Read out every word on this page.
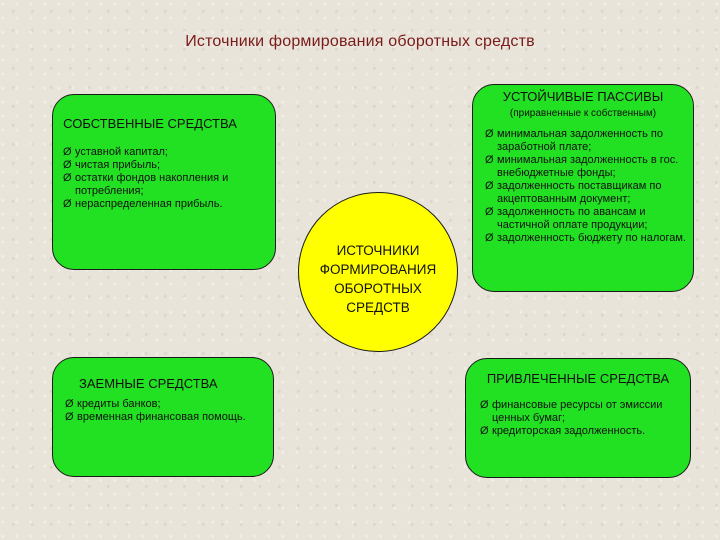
Источники формирования оборотных средств
СОБСТВЕННЫЕ СРЕДСТВА
Ø уставной капитал;
Ø чистая прибыль;
Ø остатки фондов накопления и потребления;
Ø нераспределенная прибыль.
УСТОЙЧИВЫЕ ПАССИВЫ
(приравненные к собственным)
Ø минимальная задолженность по заработной плате;
Ø минимальная задолженность в гос. внебюджетные фонды;
Ø задолженность поставщикам по акцептованным документ;
Ø задолженность по авансам и частичной оплате продукции;
Ø задолженность бюджету по налогам.
ИСТОЧНИКИ ФОРМИРОВАНИЯ ОБОРОТНЫХ СРЕДСТВ
ЗАЕМНЫЕ СРЕДСТВА
Ø кредиты банков;
Ø временная финансовая помощь.
ПРИВЛЕЧЕННЫЕ СРЕДСТВА
Ø финансовые ресурсы от эмиссии ценных бумаг;
Ø кредиторская задолженность.
